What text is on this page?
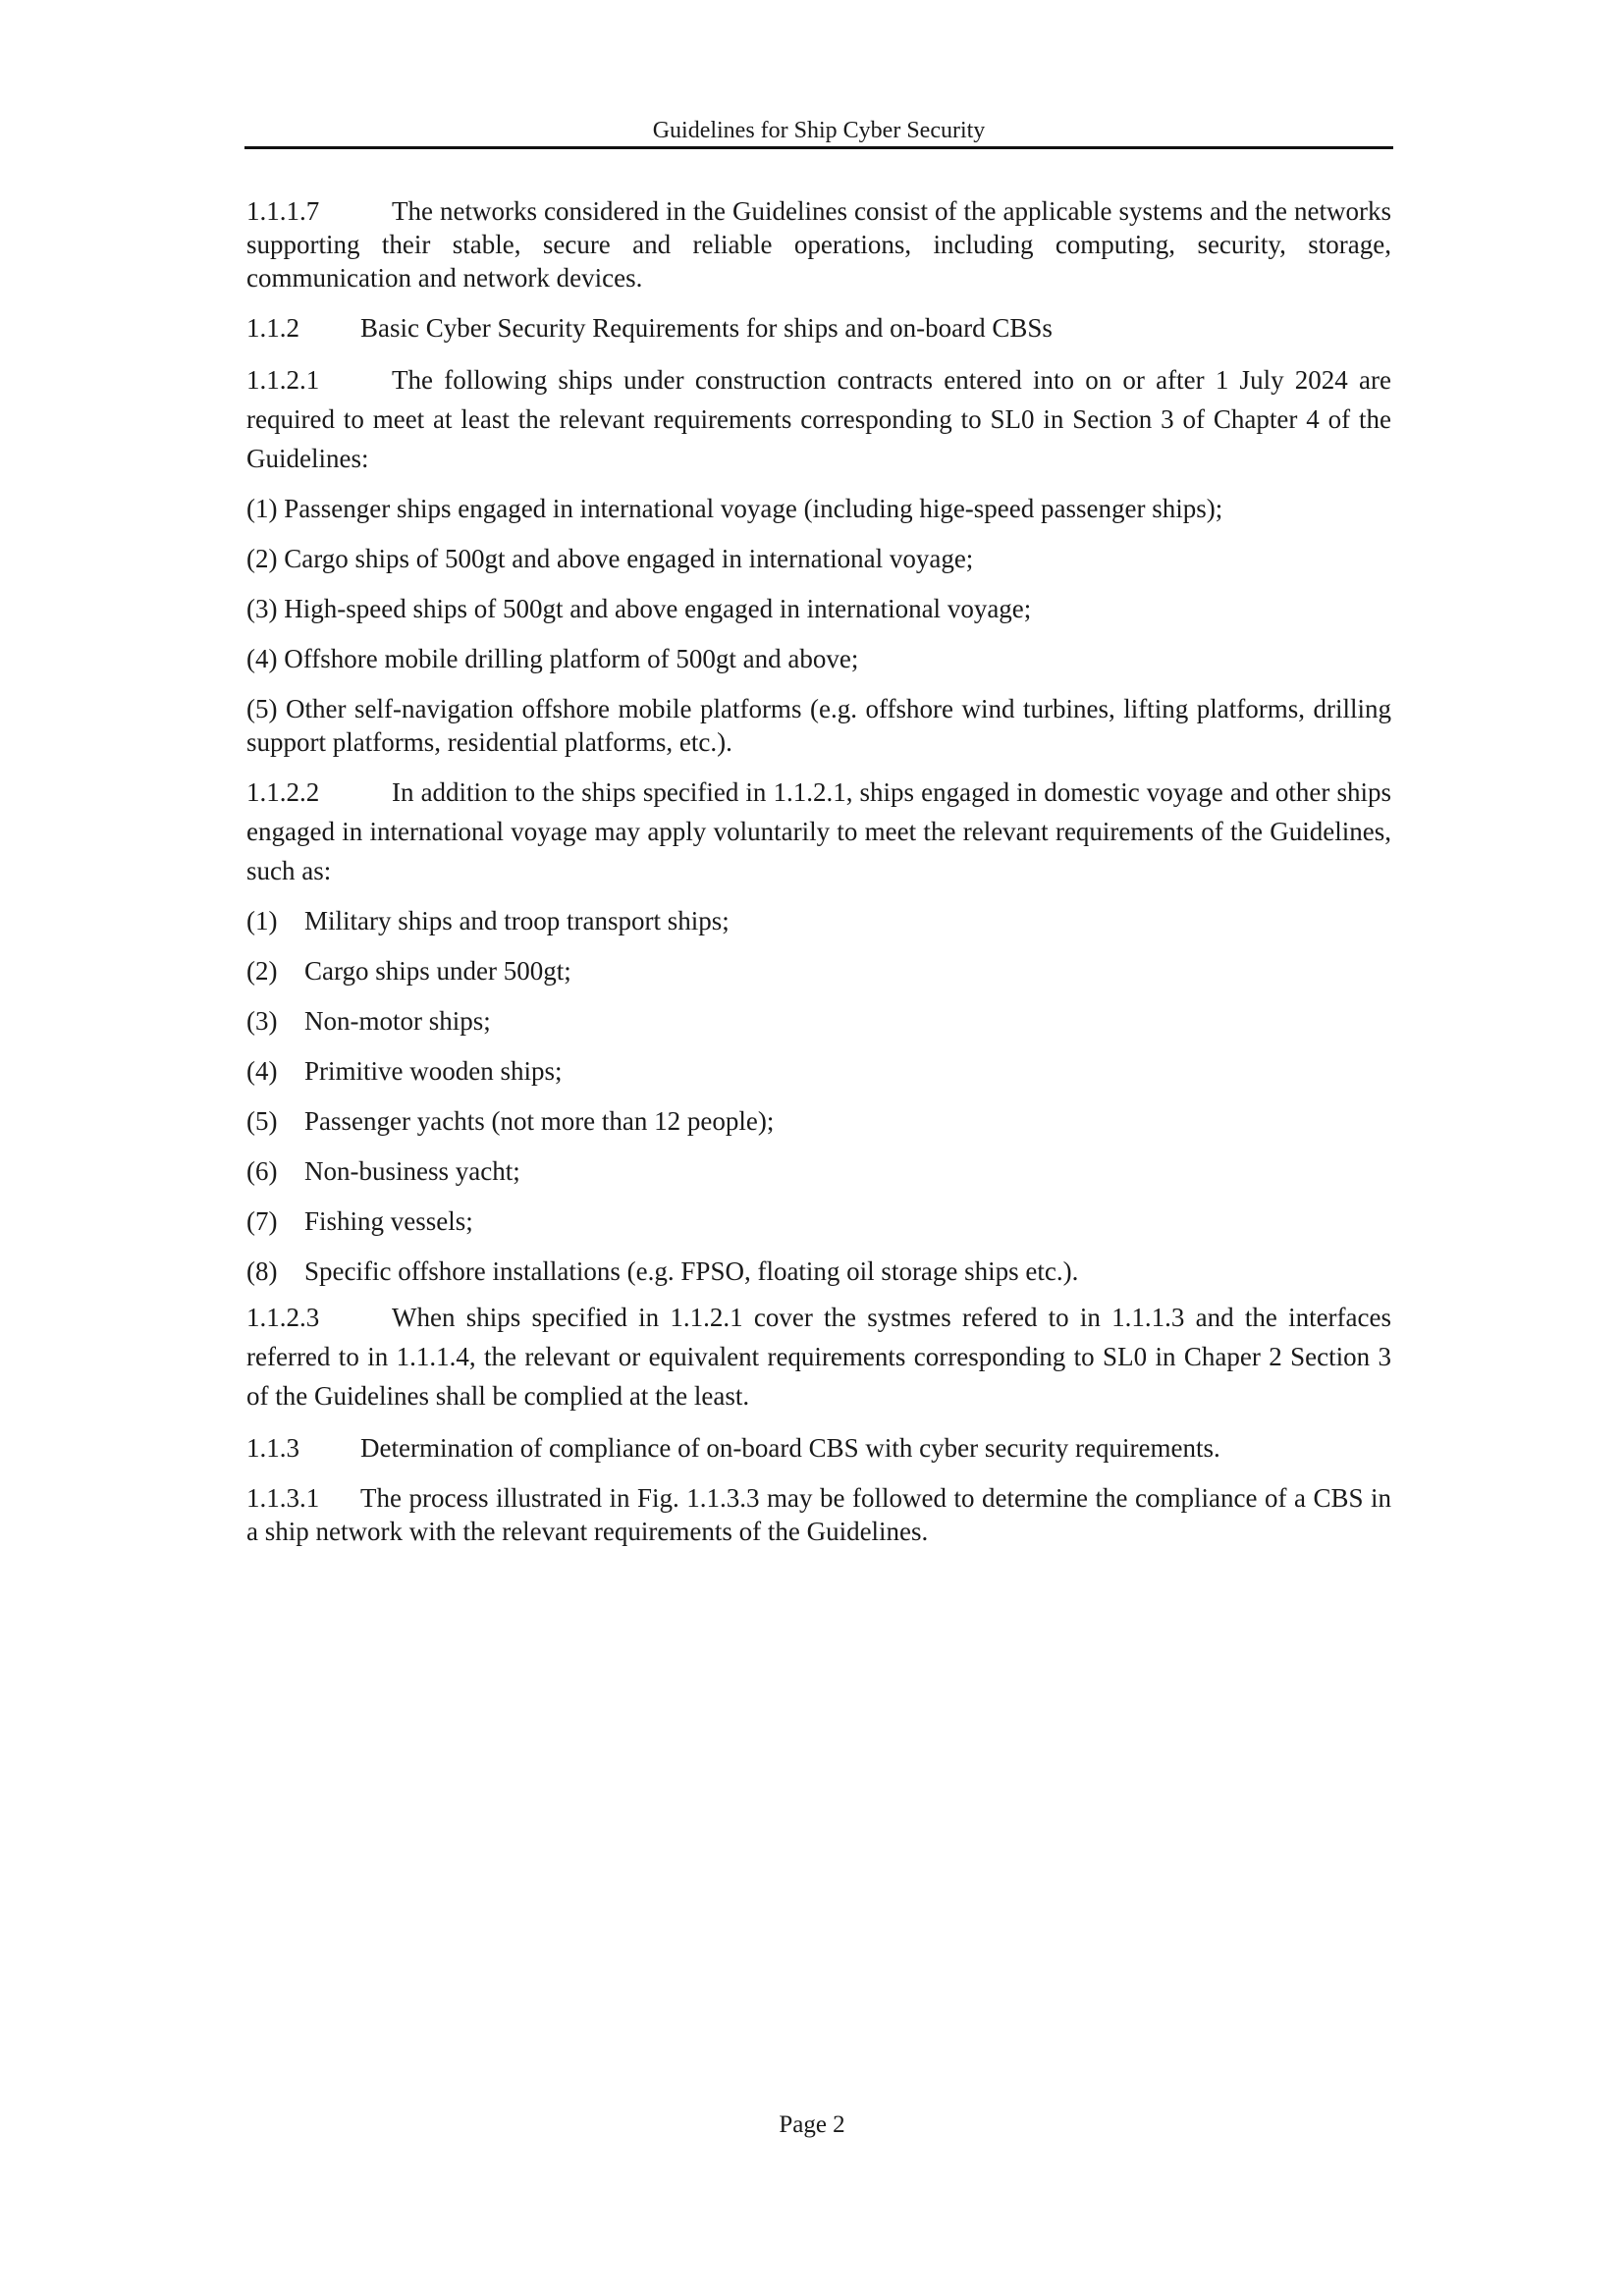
Guidelines for Ship Cyber Security

1.1.1.7	The networks considered in the Guidelines consist of the applicable systems and the networks supporting their stable, secure and reliable operations, including computing, security, storage, communication and network devices.

1.1.2 Basic Cyber Security Requirements for ships and on-board CBSs

1.1.2.1	The following ships under construction contracts entered into on or after 1 July 2024 are required to meet at least the relevant requirements corresponding to SL0 in Section 3 of Chapter 4 of the Guidelines:

(1) Passenger ships engaged in international voyage (including hige-speed passenger ships);

(2) Cargo ships of 500gt and above engaged in international voyage;

(3) High-speed ships of 500gt and above engaged in international voyage;

(4) Offshore mobile drilling platform of 500gt and above;

(5) Other self-navigation offshore mobile platforms (e.g. offshore wind turbines, lifting platforms, drilling support platforms, residential platforms, etc.).

1.1.2.2	In addition to the ships specified in 1.1.2.1, ships engaged in domestic voyage and other ships engaged in international voyage may apply voluntarily to meet the relevant requirements of the Guidelines, such as:

(1) Military ships and troop transport ships;

(2) Cargo ships under 500gt;

(3) Non-motor ships;

(4) Primitive wooden ships;

(5) Passenger yachts (not more than 12 people);

(6) Non-business yacht;

(7) Fishing vessels;

(8) Specific offshore installations (e.g. FPSO, floating oil storage ships etc.).

1.1.2.3	When ships specified in 1.1.2.1 cover the systmes refered to in 1.1.1.3 and the interfaces referred to in 1.1.1.4, the relevant or equivalent requirements corresponding to SL0 in Chaper 2 Section 3 of the Guidelines shall be complied at the least.

1.1.3 Determination of compliance of on-board CBS with cyber security requirements.

1.1.3.1 The process illustrated in Fig. 1.1.3.3 may be followed to determine the compliance of a CBS in a ship network with the relevant requirements of the Guidelines.

Page 2
